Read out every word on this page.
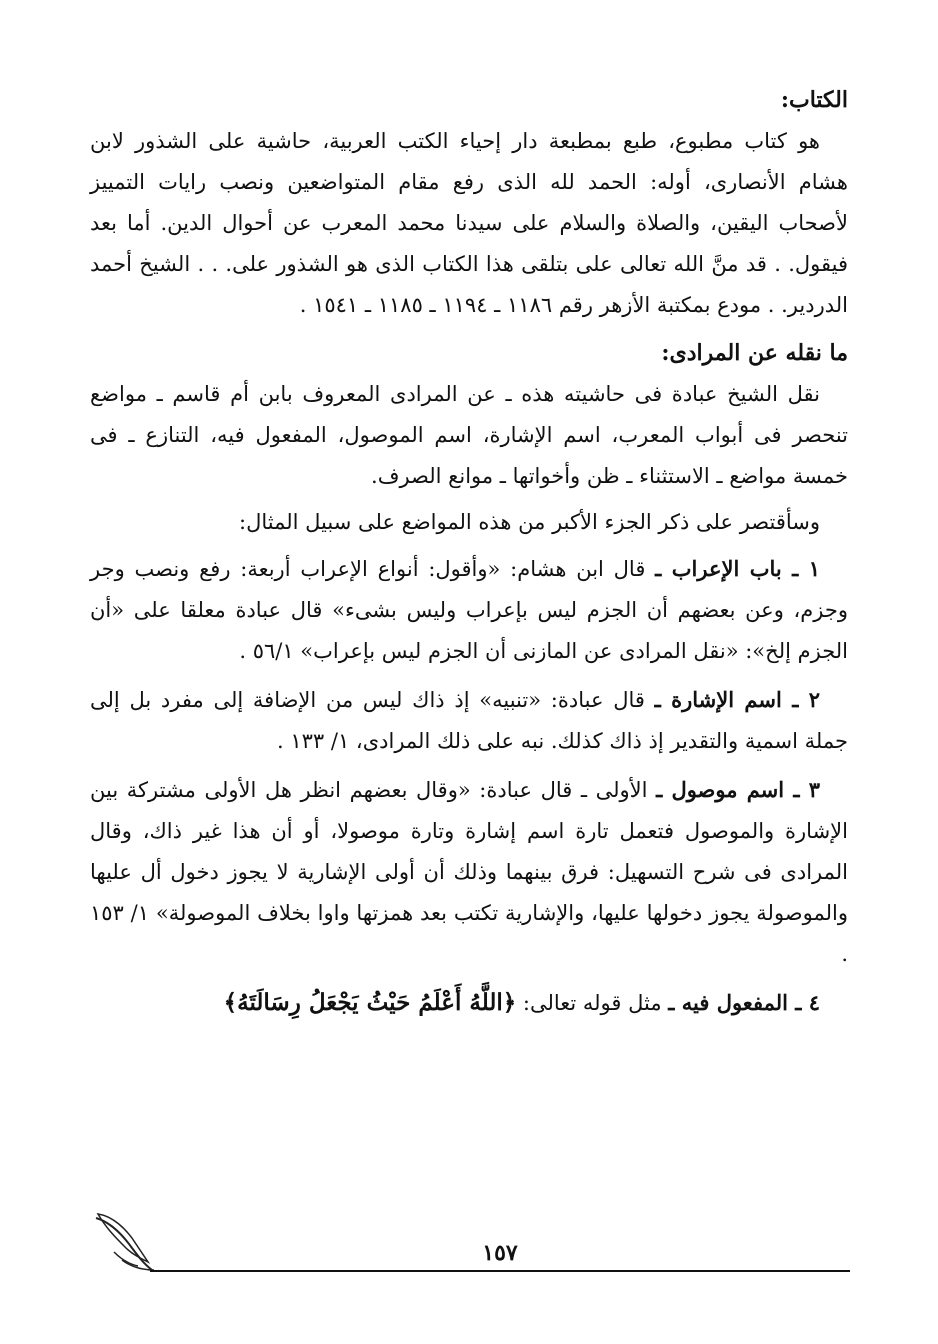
الكتاب:

هو كتاب مطبوع، طبع بمطبعة دار إحياء الكتب العربية، حاشية على الشذور لابن هشام الأنصارى، أوله: الحمد لله الذى رفع مقام المتواضعين ونصب رايات التمييز لأصحاب اليقين، والصلاة والسلام على سيدنا محمد المعرب عن أحوال الدين. أما بعد فيقول. . قد منَّ الله تعالى على بتلقى هذا الكتاب الذى هو الشذور على. . . الشيخ أحمد الدردير. . مودع بمكتبة الأزهر رقم ١١٨٦ ـ ١١٩٤ ـ ١١٨٥ ـ ١٥٤١ .

ما نقله عن المرادى:

نقل الشيخ عبادة فى حاشيته هذه ـ عن المرادى المعروف بابن أم قاسم ـ مواضع تنحصر فى أبواب المعرب، اسم الإشارة، اسم الموصول، المفعول فيه، التنازع ـ فى خمسة مواضع ـ الاستثناء ـ ظن وأخواتها ـ موانع الصرف.

وسأقتصر على ذكر الجزء الأكبر من هذه المواضع على سبيل المثال:

١ ـ باب الإعراب ـ قال ابن هشام: «وأقول: أنواع الإعراب أربعة: رفع ونصب وجر وجزم، وعن بعضهم أن الجزم ليس بإعراب وليس بشىء» قال عبادة معلقا على «أن الجزم إلخ»: «نقل المرادى عن المازنى أن الجزم ليس بإعراب» ٥٦/١ .

٢ ـ اسم الإشارة ـ قال عبادة: «تنبيه» إذ ذاك ليس من الإضافة إلى مفرد بل إلى جملة اسمية والتقدير إذ ذاك كذلك. نبه على ذلك المرادى، ١/ ١٣٣ .

٣ ـ اسم موصول ـ الأولى ـ قال عبادة: «وقال بعضهم انظر هل الأولى مشتركة بين الإشارة والموصول فتعمل تارة اسم إشارة وتارة موصولا، أو أن هذا غير ذاك، وقال المرادى فى شرح التسهيل: فرق بينهما وذلك أن أولى الإشارية لا يجوز دخول أل عليها والموصولة يجوز دخولها عليها، والإشارية تكتب بعد همزتها واوا بخلاف الموصولة» ١/ ١٥٣ .

٤ ـ المفعول فيه ـ مثل قوله تعالى: ﴿اللَّهُ أَعْلَمُ حَيْثُ يَجْعَلُ رِسَالَتَهُ﴾

١٥٧
